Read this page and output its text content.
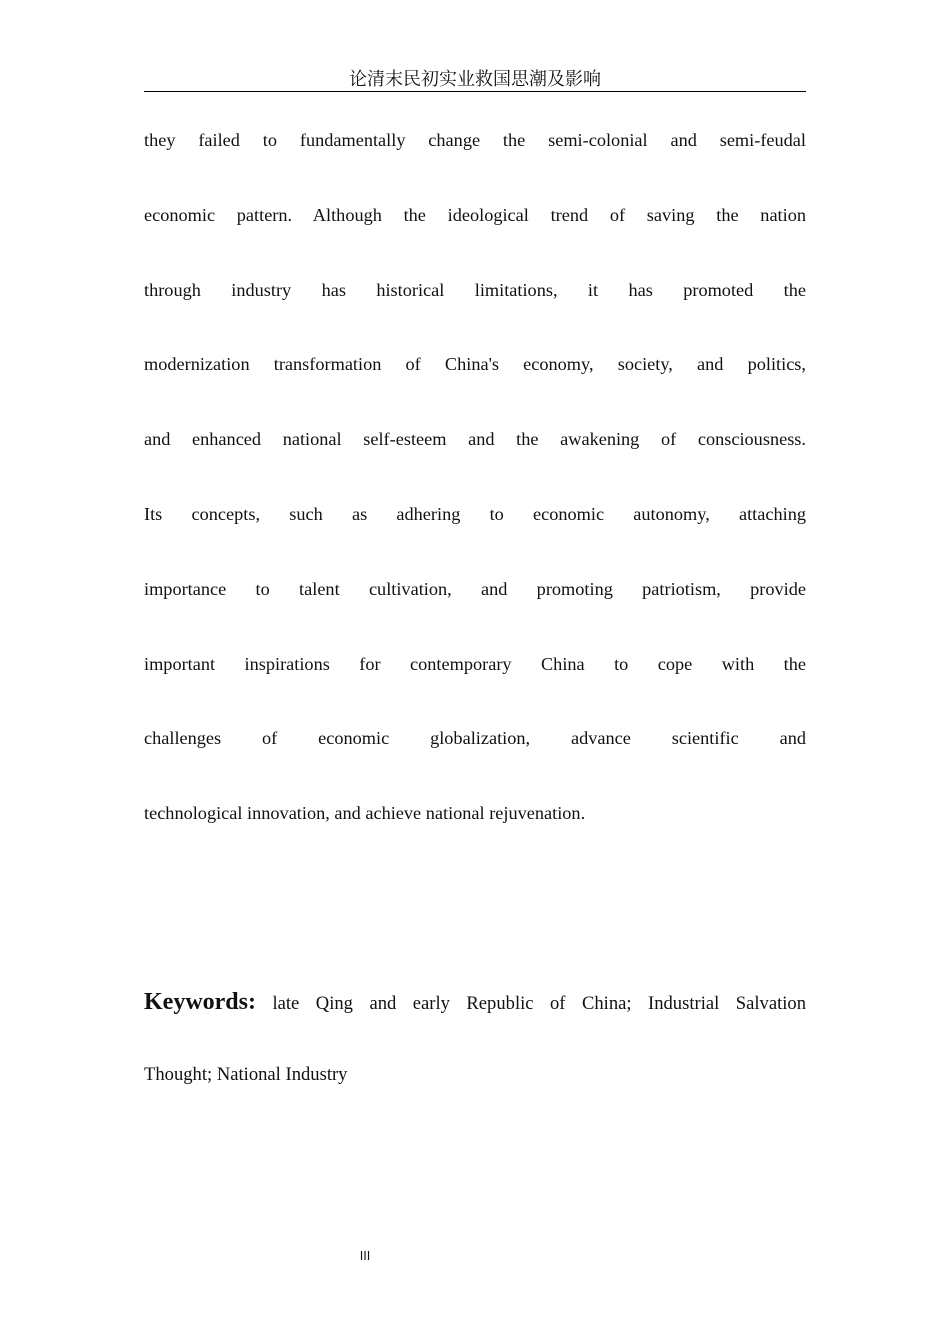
论清末民初实业救国思潮及影响
they failed to fundamentally change the semi-colonial and semi-feudal
economic pattern. Although the ideological trend of saving the nation
through industry has historical limitations, it has promoted the
modernization transformation of China's economy, society, and politics,
and enhanced national self-esteem and the awakening of consciousness.
Its concepts, such as adhering to economic autonomy, attaching
importance to talent cultivation, and promoting patriotism, provide
important inspirations for contemporary China to cope with the
challenges of economic globalization, advance scientific and
technological innovation, and achieve national rejuvenation.
Keywords: late Qing and early Republic of China; Industrial Salvation
Thought; National Industry
III
